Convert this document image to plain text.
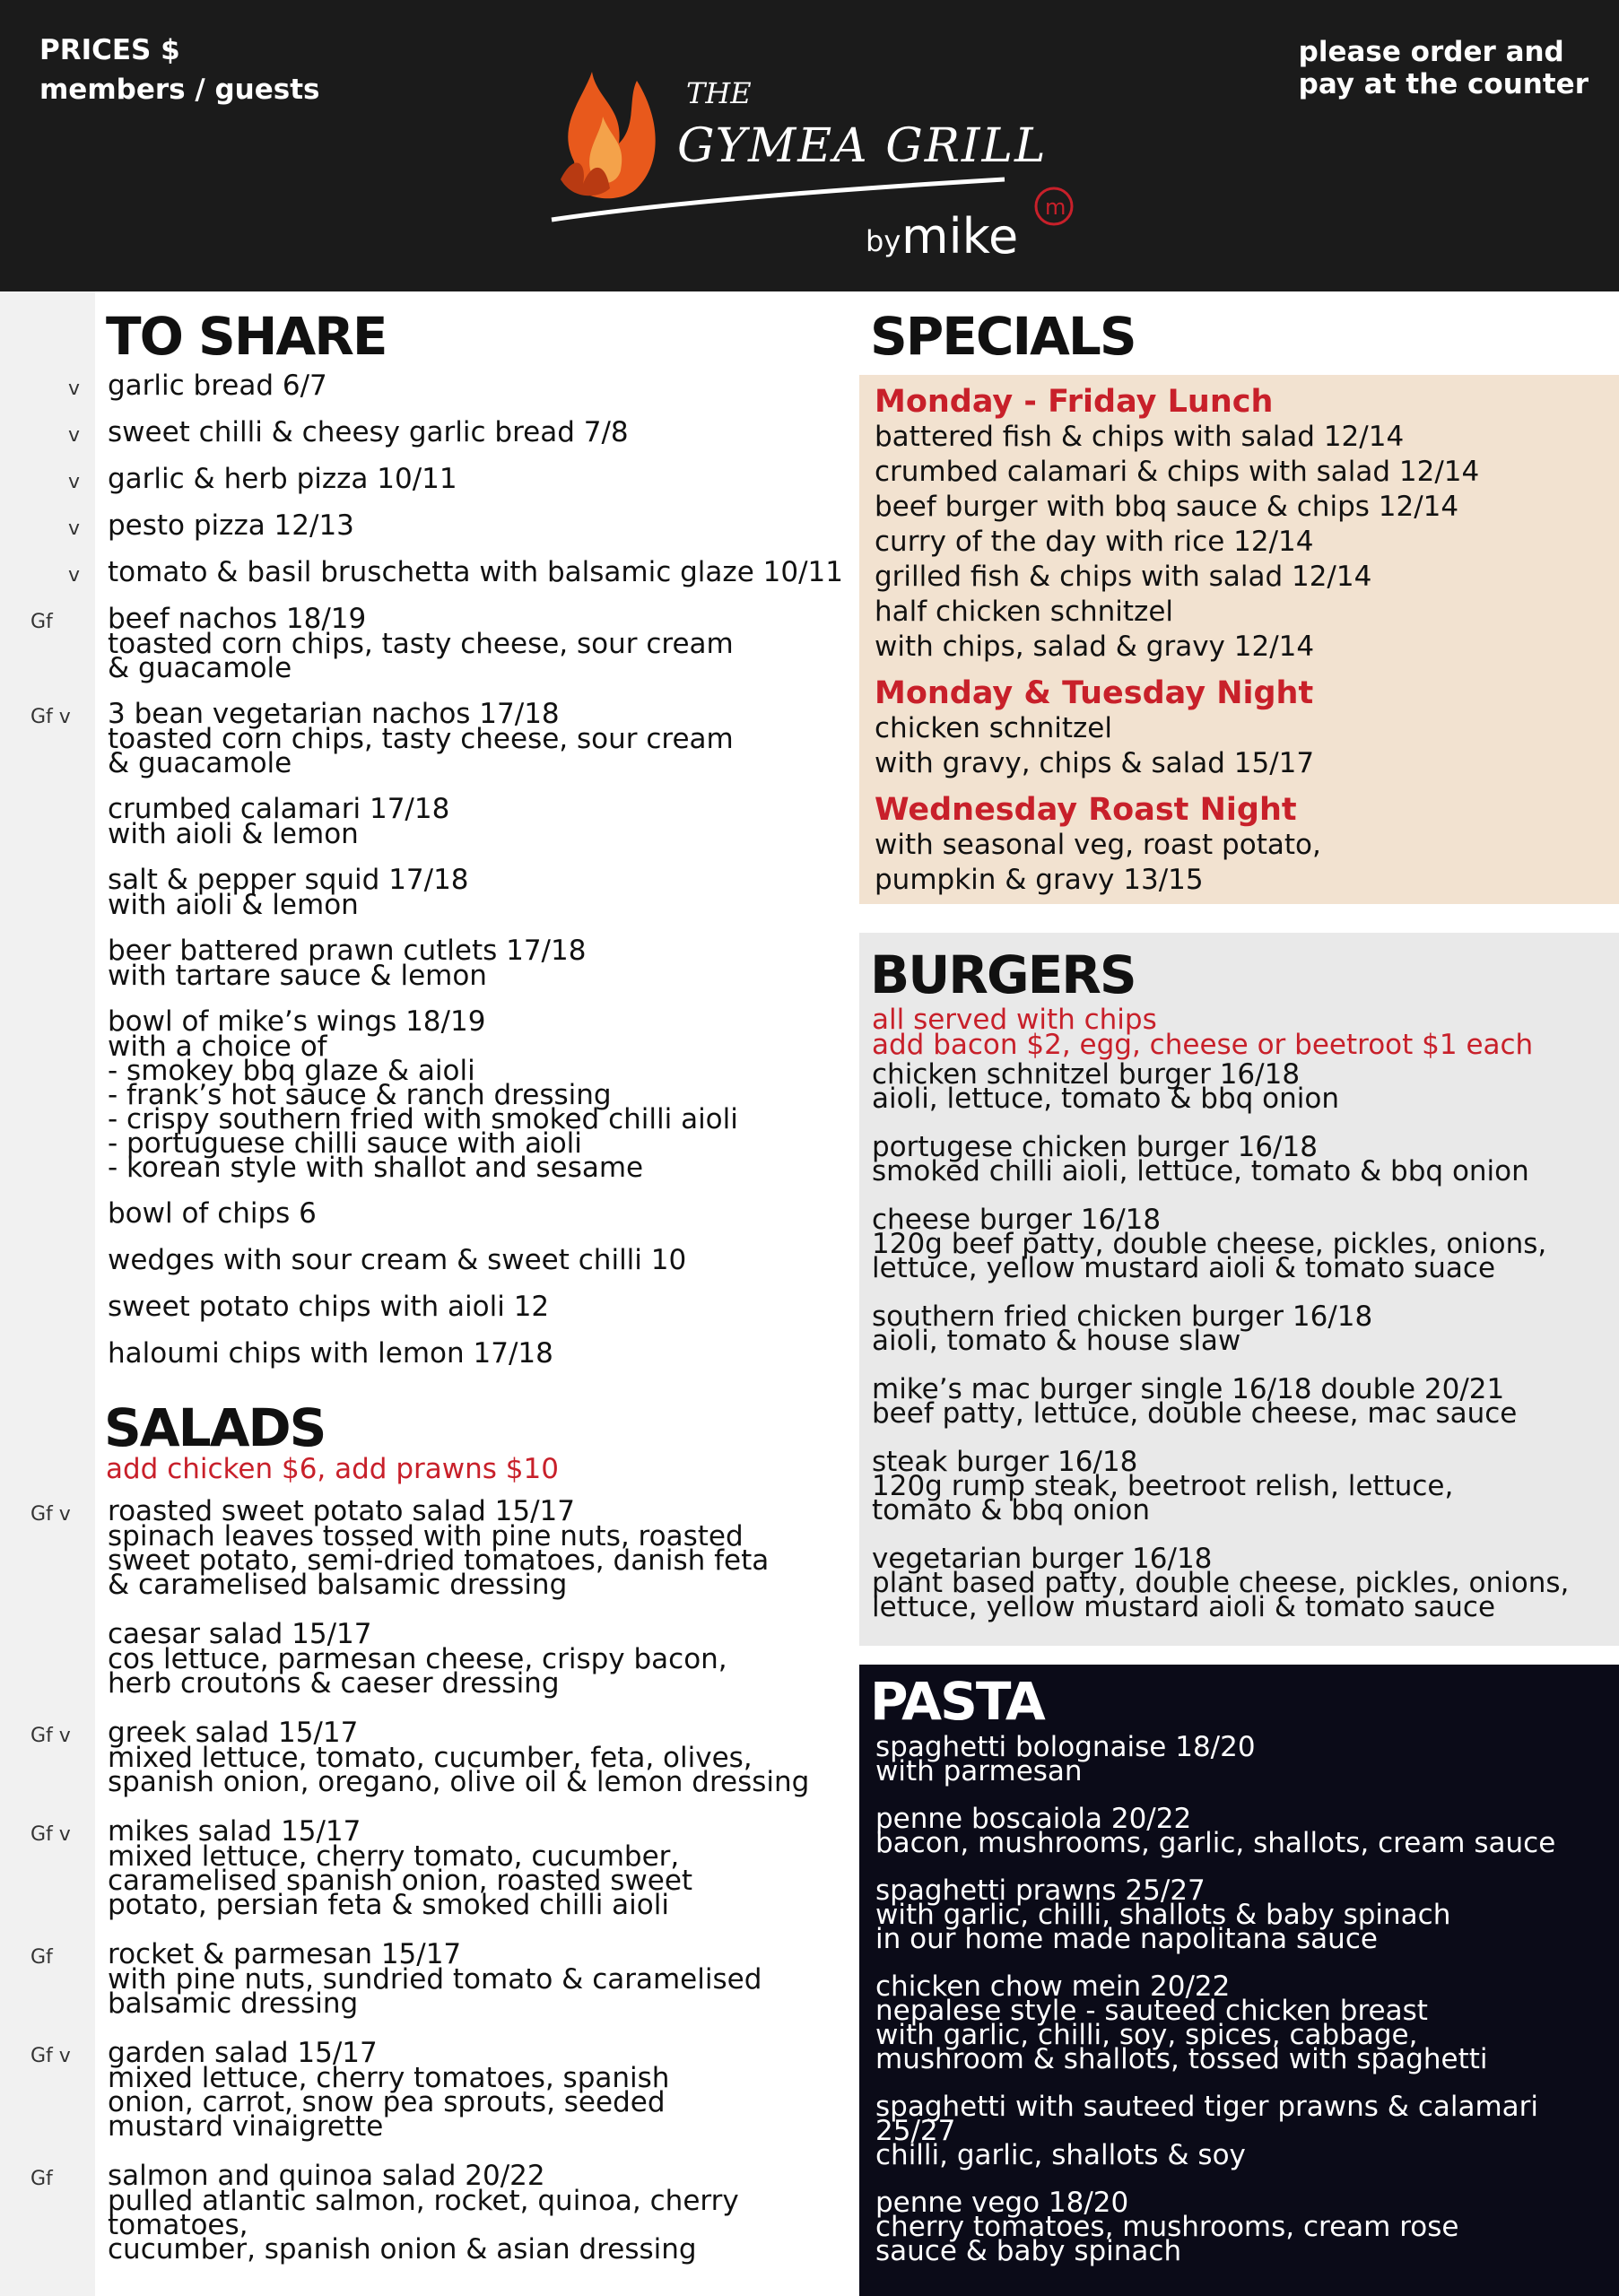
PRICES $
members / guests	THE
GYMEA GRILL
by mike
m
please order and
pay at the counter
TO SHARE
v garlic bread 6/7
v sweet chilli & cheesy garlic bread 7/8
v garlic & herb pizza 10/11
v pesto pizza 12/13
v tomato & basil bruschetta with balsamic glaze 10/11
Gf	beef nachos 18/19
toasted corn chips, tasty cheese, sour cream
& guacamole
Gf v	3 bean vegetarian nachos 17/18
toasted corn chips, tasty cheese, sour cream
& guacamole
crumbed calamari 17/18
with aioli & lemon
salt & pepper squid 17/18
with aioli & lemon
beer battered prawn cutlets 17/18
with tartare sauce & lemon
bowl of mike’s wings 18/19
with a choice of
- smokey bbq glaze & aioli
- frank’s hot sauce & ranch dressing
- crispy southern fried with smoked chilli aioli
- portuguese chilli sauce with aioli
- korean style with shallot and sesame
bowl of chips 6
wedges with sour cream & sweet chilli 10
sweet potato chips with aioli 12
haloumi chips with lemon 17/18
SALADS
add chicken $6, add prawns $10
Gf v	roasted sweet potato salad 15/17
spinach leaves tossed with pine nuts, roasted
sweet potato, semi-dried tomatoes, danish feta
& caramelised balsamic dressing
caesar salad 15/17
cos lettuce, parmesan cheese, crispy bacon,
herb croutons & caeser dressing
Gf v	greek salad 15/17
mixed lettuce, tomato, cucumber, feta, olives,
spanish onion, oregano, olive oil & lemon dressing
Gf v	mikes salad 15/17
mixed lettuce, cherry tomato, cucumber,
caramelised spanish onion, roasted sweet
potato, persian feta & smoked chilli aioli
Gf	rocket & parmesan 15/17
with pine nuts, sundried tomato & caramelised
balsamic dressing
Gf v	garden salad 15/17
mixed lettuce, cherry tomatoes, spanish
onion, carrot, snow pea sprouts, seeded
mustard vinaigrette
Gf	salmon and quinoa salad 20/22
pulled atlantic salmon, rocket, quinoa, cherry tomatoes,
cucumber, spanish onion & asian dressing
SPECIALS
Monday - Friday Lunch
battered fish & chips with salad 12/14
crumbed calamari & chips with salad 12/14
beef burger with bbq sauce & chips 12/14
curry of the day with rice 12/14
grilled fish & chips with salad 12/14
half chicken schnitzel
with chips, salad & gravy 12/14
Monday & Tuesday Night
chicken schnitzel
with gravy, chips & salad 15/17
Wednesday Roast Night
with seasonal veg, roast potato,
pumpkin & gravy 13/15
BURGERS
all served with chips
add bacon $2, egg, cheese or beetroot $1 each
chicken schnitzel burger 16/18
aioli, lettuce, tomato & bbq onion
portugese chicken burger 16/18
smoked chilli aioli, lettuce, tomato & bbq onion
cheese burger 16/18
120g beef patty, double cheese, pickles, onions,
lettuce, yellow mustard aioli & tomato suace
southern fried chicken burger 16/18
aioli, tomato & house slaw
mike’s mac burger single 16/18 double 20/21
beef patty, lettuce, double cheese, mac sauce
steak burger 16/18
120g rump steak, beetroot relish, lettuce,
tomato & bbq onion
vegetarian burger 16/18
plant based patty, double cheese, pickles, onions,
lettuce, yellow mustard aioli & tomato sauce
PASTA
spaghetti bolognaise 18/20
with parmesan
penne boscaiola 20/22
bacon, mushrooms, garlic, shallots, cream sauce
spaghetti prawns 25/27
with garlic, chilli, shallots & baby spinach
in our home made napolitana sauce
chicken chow mein 20/22
nepalese style - sauteed chicken breast
with garlic, chilli, soy, spices, cabbage,
mushroom & shallots, tossed with spaghetti
spaghetti with sauteed tiger prawns & calamari 25/27
chilli, garlic, shallots & soy
penne vego 18/20
cherry tomatoes, mushrooms, cream rose
sauce & baby spinach
